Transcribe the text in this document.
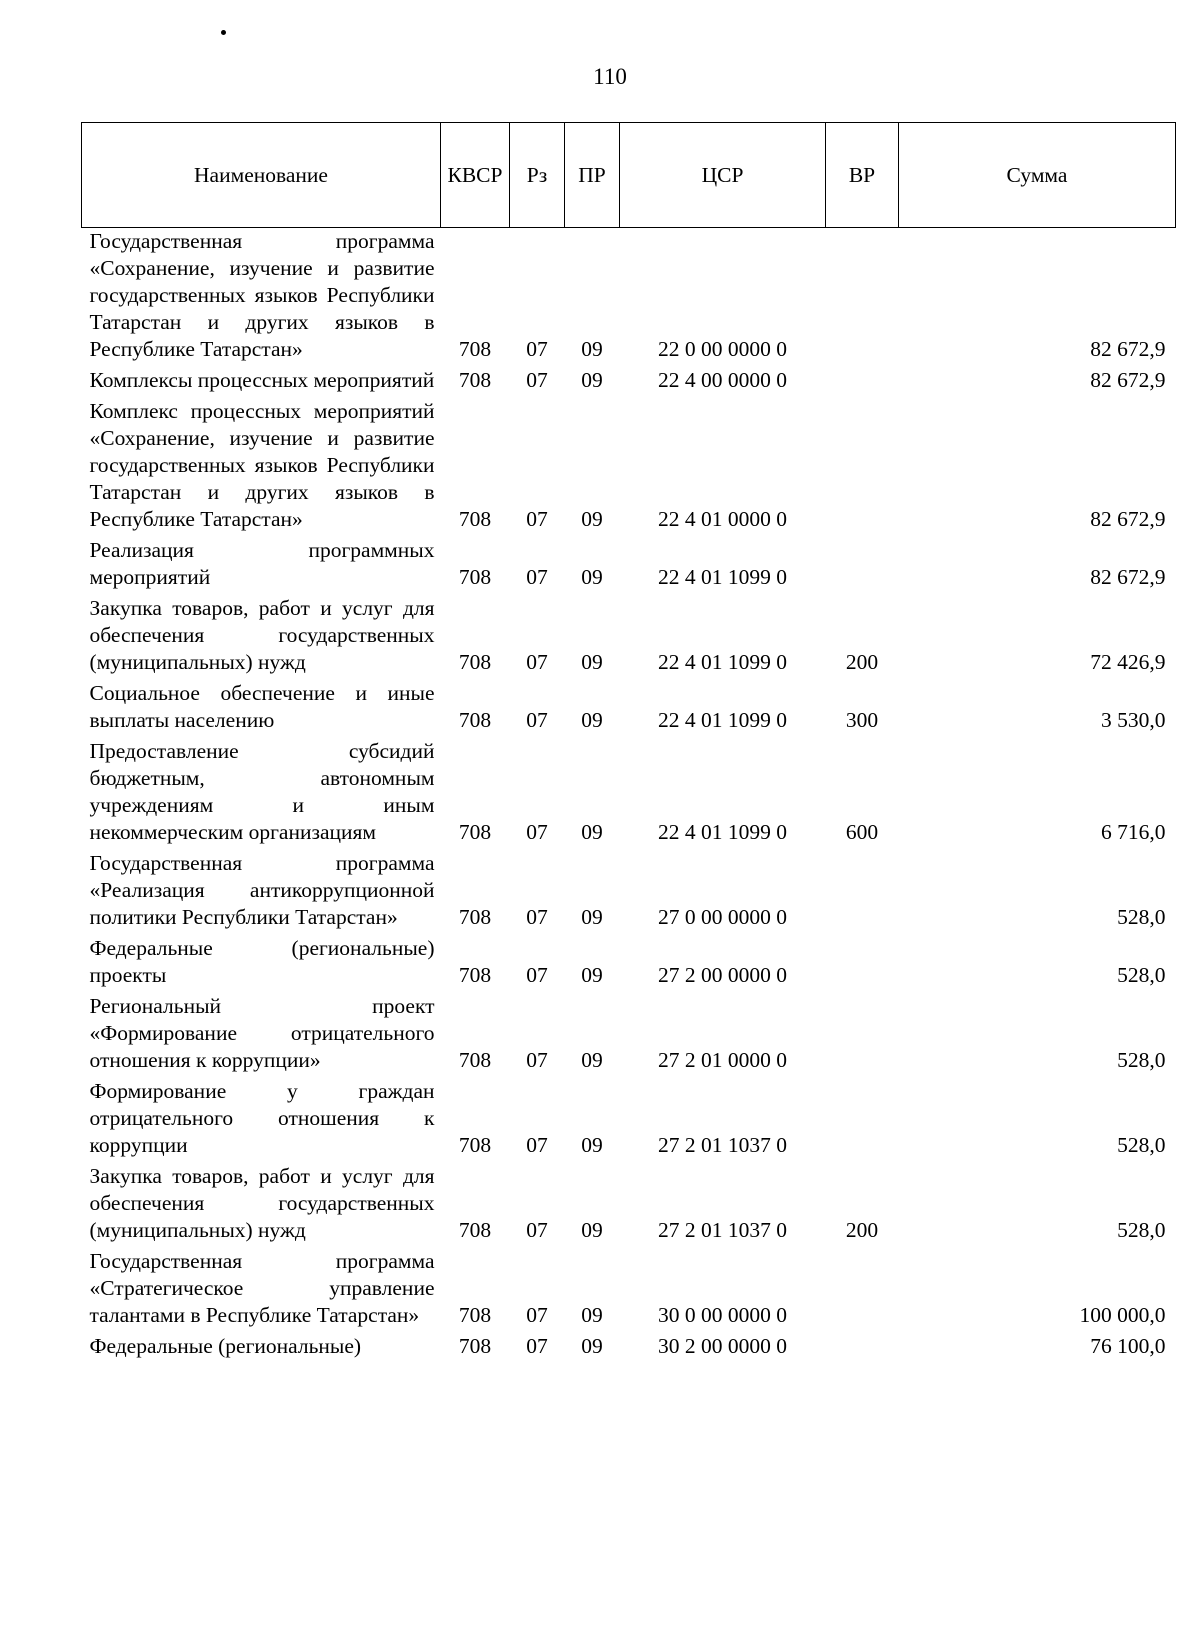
110
Наименование	КВСР	Рз	ПР	ЦСР	ВР	Сумма
Государственная программа «Сохранение, изучение и развитие государственных языков Республики Татарстан и других языков в Республике Татарстан»	708	07	09	22 0 00 0000 0		82 672,9
Комплексы процессных мероприятий	708	07	09	22 4 00 0000 0		82 672,9
Комплекс процессных мероприятий «Сохранение, изучение и развитие государственных языков Республики Татарстан и других языков в Республике Татарстан»	708	07	09	22 4 01 0000 0		82 672,9
Реализация программных мероприятий	708	07	09	22 4 01 1099 0		82 672,9
Закупка товаров, работ и услуг для обеспечения государственных (муниципальных) нужд	708	07	09	22 4 01 1099 0	200	72 426,9
Социальное обеспечение и иные выплаты населению	708	07	09	22 4 01 1099 0	300	3 530,0
Предоставление субсидий бюджетным, автономным учреждениям и иным некоммерческим организациям	708	07	09	22 4 01 1099 0	600	6 716,0
Государственная программа «Реализация антикоррупционной политики Республики Татарстан»	708	07	09	27 0 00 0000 0		528,0
Федеральные (региональные) проекты	708	07	09	27 2 00 0000 0		528,0
Региональный проект «Формирование отрицательного отношения к коррупции»	708	07	09	27 2 01 0000 0		528,0
Формирование у граждан отрицательного отношения к коррупции	708	07	09	27 2 01 1037 0		528,0
Закупка товаров, работ и услуг для обеспечения государственных (муниципальных) нужд	708	07	09	27 2 01 1037 0	200	528,0
Государственная программа «Стратегическое управление талантами в Республике Татарстан»	708	07	09	30 0 00 0000 0		100 000,0
Федеральные (региональные)	708	07	09	30 2 00 0000 0		76 100,0
